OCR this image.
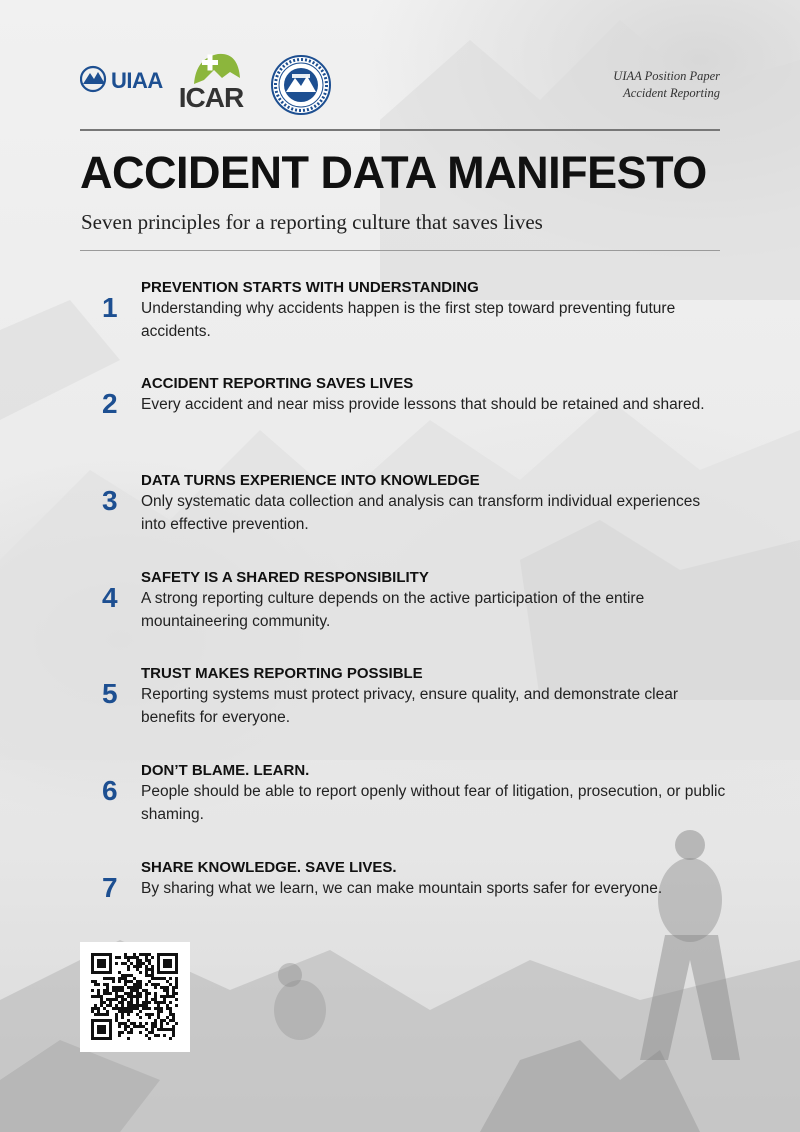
UIAA
ICAR
UIAA Position Paper
Accident Reporting
ACCIDENT DATA MANIFESTO

Seven principles for a reporting culture that saves lives

1
PREVENTION STARTS WITH UNDERSTANDING
Understanding why accidents happen is the first step toward preventing future accidents.
2
ACCIDENT REPORTING SAVES LIVES
Every accident and near miss provide lessons that should be retained and shared.
3
DATA TURNS EXPERIENCE INTO KNOWLEDGE
Only systematic data collection and analysis can transform individual experiences into effective prevention.
4
SAFETY IS A SHARED RESPONSIBILITY
A strong reporting culture depends on the active participation of the entire mountaineering community.
5
TRUST MAKES REPORTING POSSIBLE
Reporting systems must protect privacy, ensure quality, and demonstrate clear benefits for everyone.
6
DON’T BLAME. LEARN.
People should be able to report openly without fear of litigation, prosecution, or public shaming.
7
SHARE KNOWLEDGE. SAVE LIVES.
By sharing what we learn, we can make mountain sports safer for everyone.
